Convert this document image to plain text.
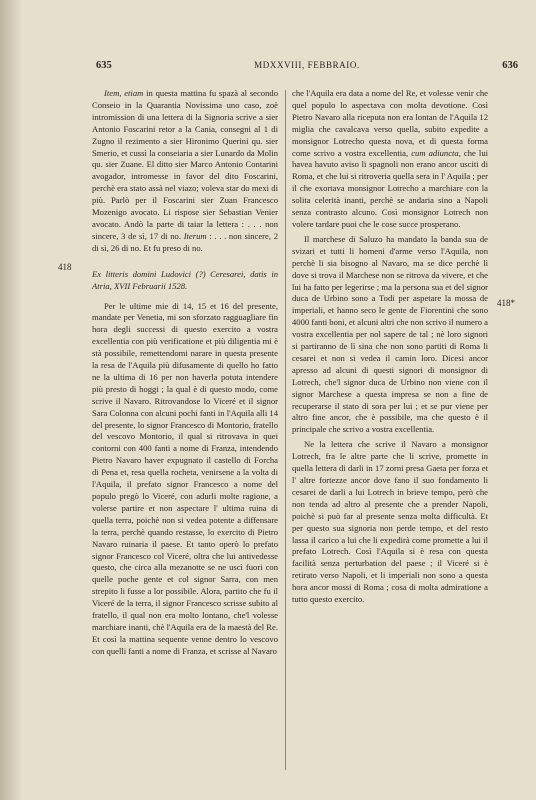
635	MDXXVIII, FEBBRAIO.	636
418
418*

Item, etiam in questa mattina fu spazà al secondo Conseio in la Quarantia Novissima uno caso, zoè intromission di una lettera di la Signoria scrive a sier Antonio Foscarini retor a la Cania, consegni al 1 di Zugno il rezimento a sier Hironimo Querini qu. sier Smerio, et cussì la conseiaria a sier Lunardo da Molin qu. sier Zuane. El ditto sier Marco Antonio Contarini avogador, intromesse in favor del dito Foscarini, perchè era stato assà nel viazo; voleva star do mexi di più. Parlò per il Foscarini sier Zuan Francesco Mozenigo avocato. Li rispose sier Sebastian Venier avocato. Andò la parte di taiar la lettera : . . . non sincere, 3 de sì, 17 di no. Iterum : . . . non sincere, 2 di sì, 26 di no. Et fu preso di no.

Ex litteris domini Ludovici (?) Ceresarei, datis in Atria, XVII Februarii 1528.

Per le ultime mie di 14, 15 et 16 del presente, mandate per Venetia, mi son sforzato ragguagliare fin hora degli successi di questo exercito a vostra excellentia con più verificatione et più diligentia mi è stà possibile, remettendomi narare in questa presente la resa de l'Aquila più difusamente di quello ho fatto ne la ultima di 16 per non haverla potuta intendere più presto di hoggi ; la qual è di questo modo, come scrive il Navaro. Ritrovandose lo Viceré et il signor Sara Colonna con alcuni pochi fanti in l'Aquila alli 14 del presente, lo signor Francesco di Montorio, fratello del vescovo Montorio, il qual si ritrovava in quei contorni con 400 fanti a nome di Franza, intendendo Pietro Navaro haver expugnato il castello di Forcha di Pena et, resa quella rocheta, venirsene a la volta di l'Aquila, il prefato signor Francesco a nome del populo pregò lo Viceré, con adurli molte ragione, a volerse partire et non aspectare l' ultima ruina di quella terra, poichè non si vedea potente a diffensare la terra, perchè quando restasse, lo exercito di Pietro Navaro ruinaria il paese. Et tanto operò lo prefato signor Francesco col Viceré, oltra che lui antivedesse questo, che circa alla mezanotte se ne uscì fuori con quelle poche gente et col signor Sarra, con men strepito li fusse a lor possibile. Alora, partito che fu il Viceré de la terra, il signor Francesco scrisse subito al fratello, il qual non era molto lontano, che'l volesse marchiare inanti, chè l'Aquila era de la maestà del Re. Et così la mattina sequente venne dentro lo vescovo con quelli fanti a nome di Franza, et scrisse al Navaro

che l'Aquila era data a nome del Re, et volesse venir che quel populo lo aspectava con molta devotione. Così Pietro Navaro alla riceputa non era lontan de l'Aquila 12 miglia che cavalcava verso quella, subito expedite a monsignor Lotrecho questa nova, et di questa forma come scrivo a vostra excellentia, cum adiuncta, che lui havea havuto aviso li spagnoli non erano ancor usciti di Roma, et che lui si ritroveria quella sera in l' Aquila ; per il che exortava monsignor Lotrecho a marchiare con la solita celerità inanti, perchè se andaria sino a Napoli senza contrasto alcuno. Così monsignor Lotrech non volere tardare puoi che le cose succe prosperano.

Il marchese di Saluzo ha mandato la banda sua de svizari et tutti li homeni d'arme verso l'Aquila, non perchè li sia bisogno al Navaro, ma se dice perchè lì dove si trova il Marchese non se ritrova da vivere, et che lui ha fatto per legerirse ; ma la persona sua et del signor duca de Urbino sono a Todi per aspetare la mossa de imperiali, et hanno seco le gente de Fiorentini che sono 4000 fanti boni, et alcuni altri che non scrivo il numero a vostra excellentia per nol sapere de tal ; nè loro signori si partiranno de lì sina che non sono partiti di Roma li cesarei et non si vedea il camin loro. Dicesi ancor apresso ad alcuni di questi signori di monsignor di Lotrech, che'l signor duca de Urbino non viene con il signor Marchese a questa impresa se non a fine de recuperarse il stato di sora per lui ; et se pur viene per altro fine ancor, che è possibile, ma che questo è il principale che scrivo a vostra excellentia.

Ne la lettera che scrive il Navaro a monsignor Lotrech, fra le altre parte che li scrive, promette in quella lettera di darli in 17 zorni presa Gaeta per forza et l' altre fortezze ancor dove fano il suo fondamento li cesarei de darli a lui Lotrech in brieve tempo, però che non tenda ad altro al presente che a prender Napoli, poichè si può far al presente senza molta difficultà. Et per questo sua signoria non perde tempo, et del resto lassa il carico a lui che li expedirà come promette a lui il prefato Lotrech. Così l'Aquila si è resa con questa facilità senza perturbation del paese ; il Viceré si è retirato verso Napoli, et li imperiali non sono a questa hora ancor mossi di Roma ; cosa di molta admiratione a tutto questo exercito.
